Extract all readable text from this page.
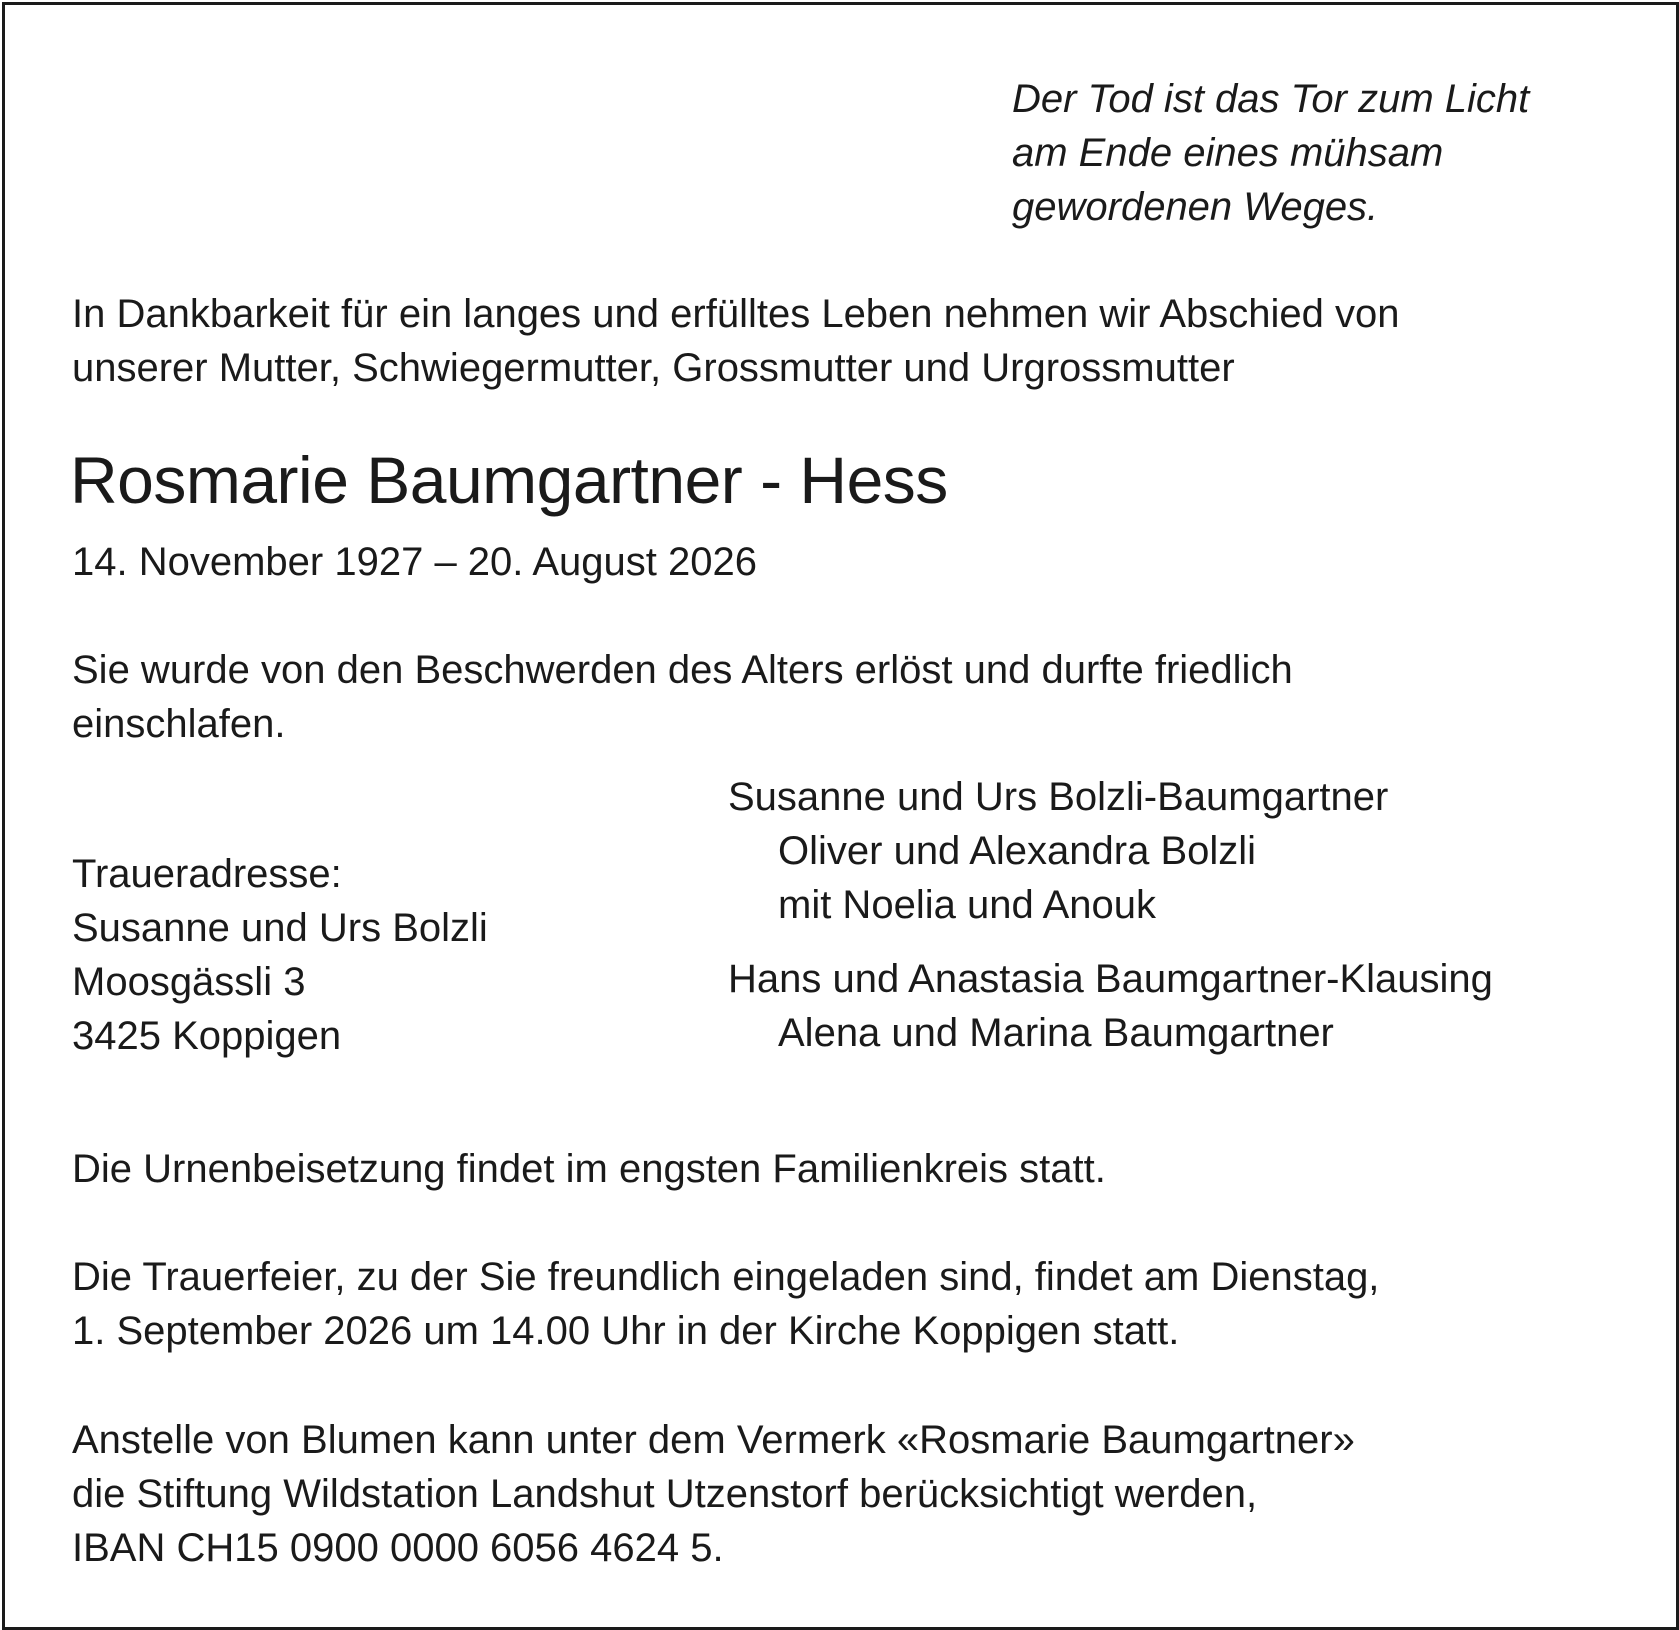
Der Tod ist das Tor zum Licht
am Ende eines mühsam
gewordenen Weges.
In Dankbarkeit für ein langes und erfülltes Leben nehmen wir Abschied von
unserer Mutter, Schwiegermutter, Grossmutter und Urgrossmutter
Rosmarie Baumgartner - Hess
14. November 1927 – 20. August 2026
Sie wurde von den Beschwerden des Alters erlöst und durfte friedlich
einschlafen.
Traueradresse:
Susanne und Urs Bolzli
Moosgässli 3
3425 Koppigen
Susanne und Urs Bolzli-Baumgartner
Oliver und Alexandra Bolzli
mit Noelia und Anouk
Hans und Anastasia Baumgartner-Klausing
Alena und Marina Baumgartner
Die Urnenbeisetzung findet im engsten Familienkreis statt.
Die Trauerfeier, zu der Sie freundlich eingeladen sind, findet am Dienstag,
1. September 2026 um 14.00 Uhr in der Kirche Koppigen statt.
Anstelle von Blumen kann unter dem Vermerk «Rosmarie Baumgartner»
die Stiftung Wildstation Landshut Utzenstorf berücksichtigt werden,
IBAN CH15 0900 0000 6056 4624 5.
